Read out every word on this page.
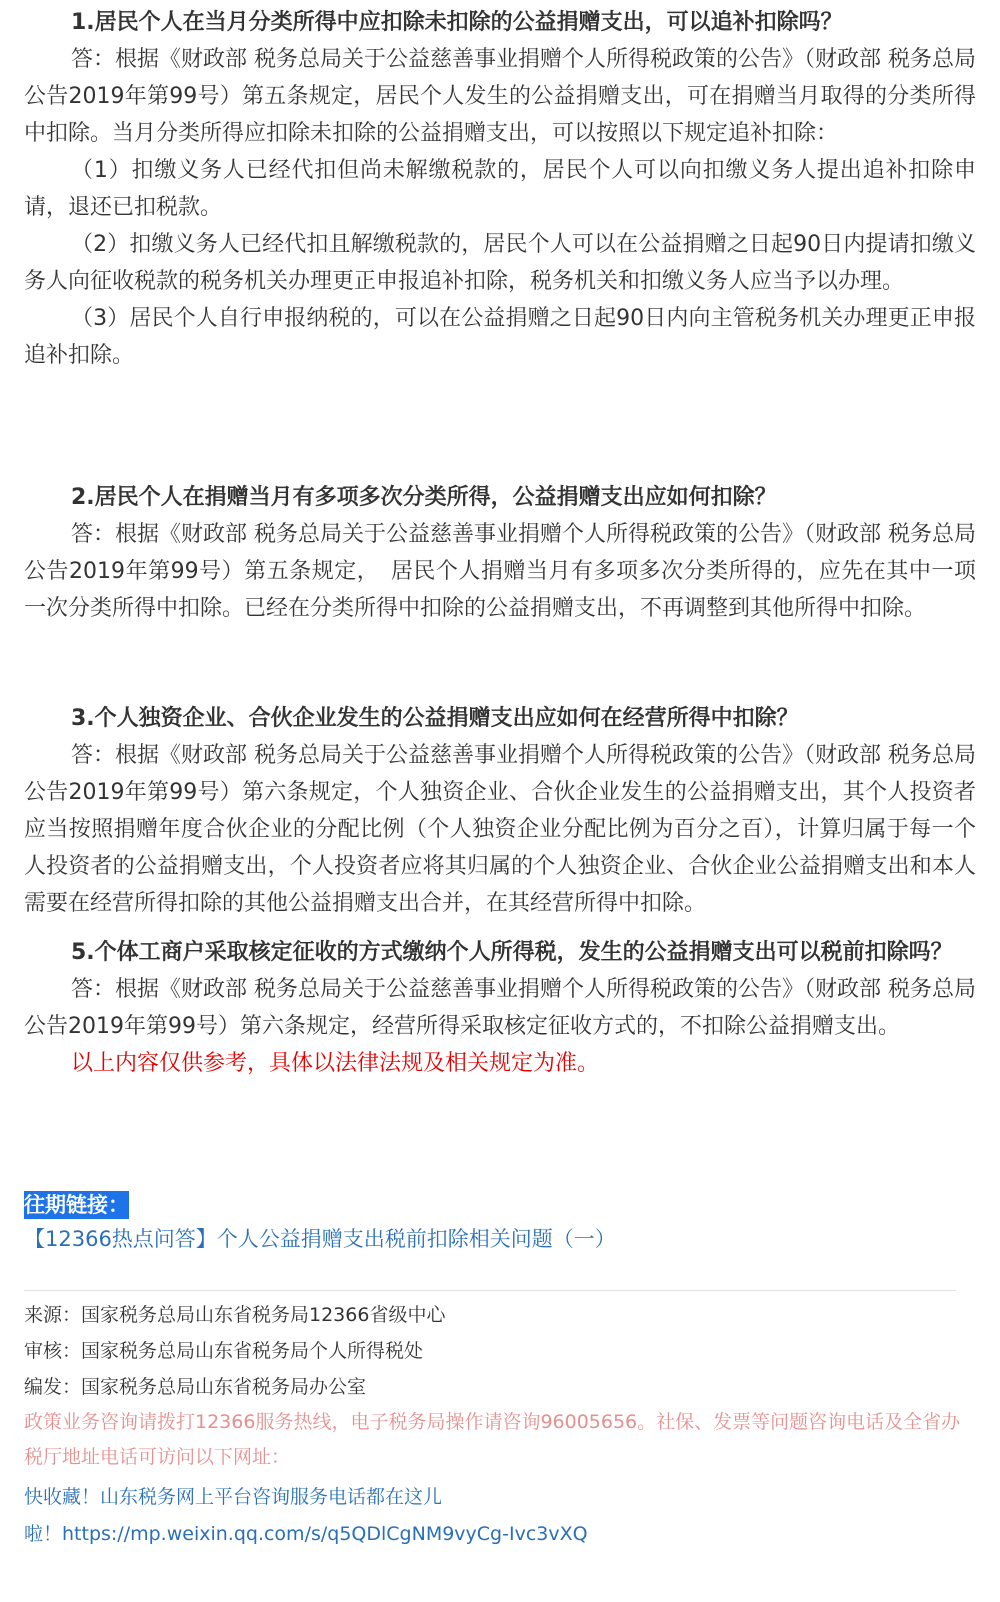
1.居民个人在当月分类所得中应扣除未扣除的公益捐赠支出，可以追补扣除吗？

答：根据《财政部 税务总局关于公益慈善事业捐赠个人所得税政策的公告》（财政部 税务总局公告2019年第99号）第五条规定，居民个人发生的公益捐赠支出，可在捐赠当月取得的分类所得中扣除。当月分类所得应扣除未扣除的公益捐赠支出，可以按照以下规定追补扣除：

（1）扣缴义务人已经代扣但尚未解缴税款的，居民个人可以向扣缴义务人提出追补扣除申请，退还已扣税款。

（2）扣缴义务人已经代扣且解缴税款的，居民个人可以在公益捐赠之日起90日内提请扣缴义务人向征收税款的税务机关办理更正申报追补扣除，税务机关和扣缴义务人应当予以办理。

（3）居民个人自行申报纳税的，可以在公益捐赠之日起90日内向主管税务机关办理更正申报追补扣除。

2.居民个人在捐赠当月有多项多次分类所得，公益捐赠支出应如何扣除？

答：根据《财政部 税务总局关于公益慈善事业捐赠个人所得税政策的公告》（财政部 税务总局公告2019年第99号）第五条规定，　居民个人捐赠当月有多项多次分类所得的，应先在其中一项一次分类所得中扣除。已经在分类所得中扣除的公益捐赠支出，不再调整到其他所得中扣除。

3.个人独资企业、合伙企业发生的公益捐赠支出应如何在经营所得中扣除？

答：根据《财政部 税务总局关于公益慈善事业捐赠个人所得税政策的公告》（财政部 税务总局公告2019年第99号）第六条规定，个人独资企业、合伙企业发生的公益捐赠支出，其个人投资者应当按照捐赠年度合伙企业的分配比例（个人独资企业分配比例为百分之百），计算归属于每一个人投资者的公益捐赠支出，个人投资者应将其归属的个人独资企业、合伙企业公益捐赠支出和本人需要在经营所得扣除的其他公益捐赠支出合并，在其经营所得中扣除。

5.个体工商户采取核定征收的方式缴纳个人所得税，发生的公益捐赠支出可以税前扣除吗？

答：根据《财政部 税务总局关于公益慈善事业捐赠个人所得税政策的公告》（财政部 税务总局公告2019年第99号）第六条规定，经营所得采取核定征收方式的，不扣除公益捐赠支出。

以上内容仅供参考，具体以法律法规及相关规定为准。

往期链接：

【12366热点问答】个人公益捐赠支出税前扣除相关问题（一）

来源：国家税务总局山东省税务局12366省级中心

审核：国家税务总局山东省税务局个人所得税处

编发：国家税务总局山东省税务局办公室

政策业务咨询请拨打12366服务热线，电子税务局操作请咨询96005656。社保、发票等问题咨询电话及全省办税厅地址电话可访问以下网址：

快收藏！山东税务网上平台咨询服务电话都在这儿

啦！https://mp.weixin.qq.com/s/q5QDlCgNM9vyCg-Ivc3vXQ
